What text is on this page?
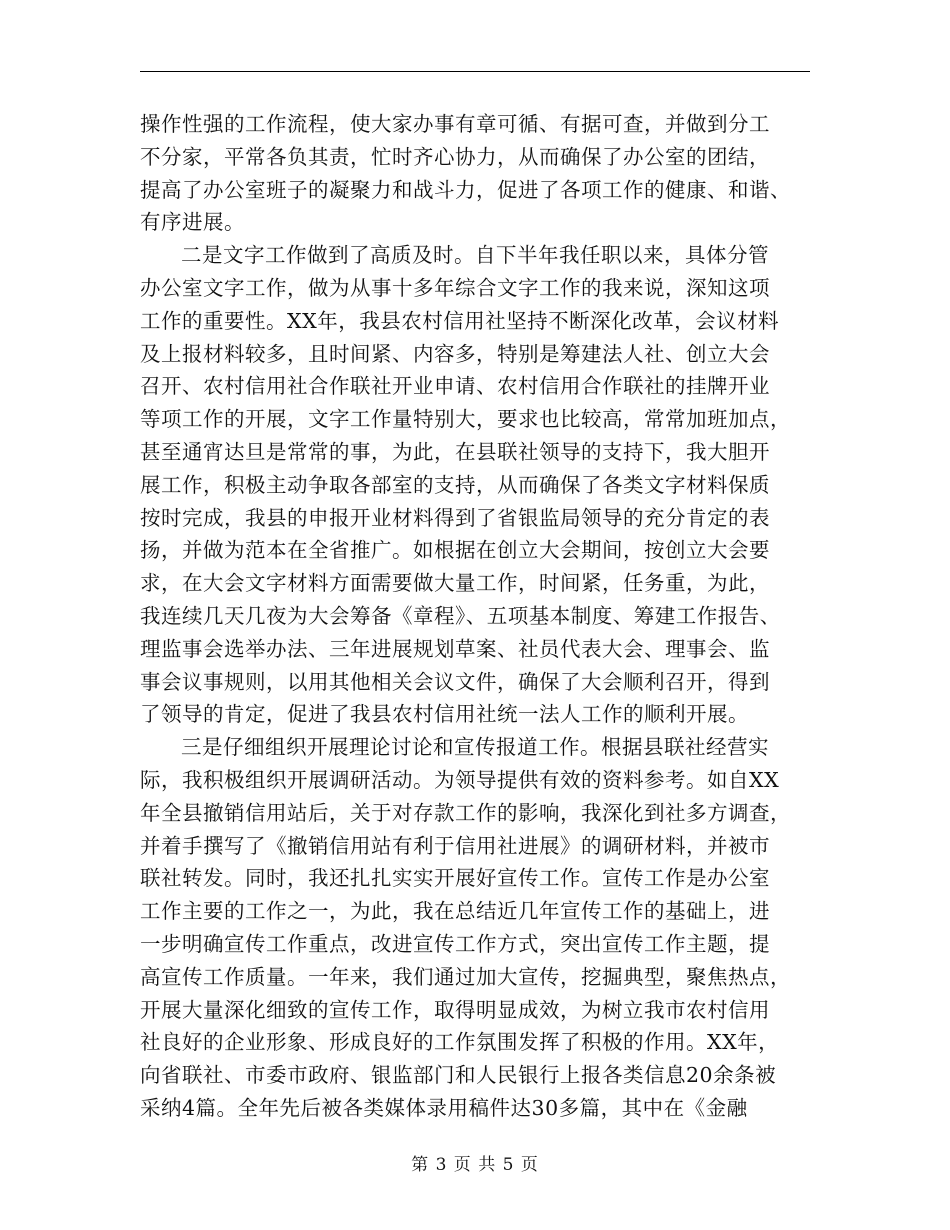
操作性强的工作流程，使大家办事有章可循、有据可查，并做到分工
不分家，平常各负其责，忙时齐心协力，从而确保了办公室的团结，
提高了办公室班子的凝聚力和战斗力，促进了各项工作的健康、和谐、
有序进展。
二是文字工作做到了高质及时。自下半年我任职以来，具体分管
办公室文字工作，做为从事十多年综合文字工作的我来说，深知这项
工作的重要性。XX年，我县农村信用社坚持不断深化改革，会议材料
及上报材料较多，且时间紧、内容多，特别是筹建法人社、创立大会
召开、农村信用社合作联社开业申请、农村信用合作联社的挂牌开业
等项工作的开展，文字工作量特别大，要求也比较高，常常加班加点，
甚至通宵达旦是常常的事，为此，在县联社领导的支持下，我大胆开
展工作，积极主动争取各部室的支持，从而确保了各类文字材料保质
按时完成，我县的申报开业材料得到了省银监局领导的充分肯定的表
扬，并做为范本在全省推广。如根据在创立大会期间，按创立大会要
求，在大会文字材料方面需要做大量工作，时间紧，任务重，为此，
我连续几天几夜为大会筹备《章程》、五项基本制度、筹建工作报告、
理监事会选举办法、三年进展规划草案、社员代表大会、理事会、监
事会议事规则，以用其他相关会议文件，确保了大会顺利召开，得到
了领导的肯定，促进了我县农村信用社统一法人工作的顺利开展。
三是仔细组织开展理论讨论和宣传报道工作。根据县联社经营实
际，我积极组织开展调研活动。为领导提供有效的资料参考。如自XX
年全县撤销信用站后，关于对存款工作的影响，我深化到社多方调查，
并着手撰写了《撤销信用站有利于信用社进展》的调研材料，并被市
联社转发。同时，我还扎扎实实开展好宣传工作。宣传工作是办公室
工作主要的工作之一，为此，我在总结近几年宣传工作的基础上，进
一步明确宣传工作重点，改进宣传工作方式，突出宣传工作主题，提
高宣传工作质量。一年来，我们通过加大宣传，挖掘典型，聚焦热点，
开展大量深化细致的宣传工作，取得明显成效，为树立我市农村信用
社良好的企业形象、形成良好的工作氛围发挥了积极的作用。XX年，
向省联社、市委市政府、银监部门和人民银行上报各类信息20余条被
采纳4篇。全年先后被各类媒体录用稿件达30多篇，其中在《金融
第 3 页 共 5 页
